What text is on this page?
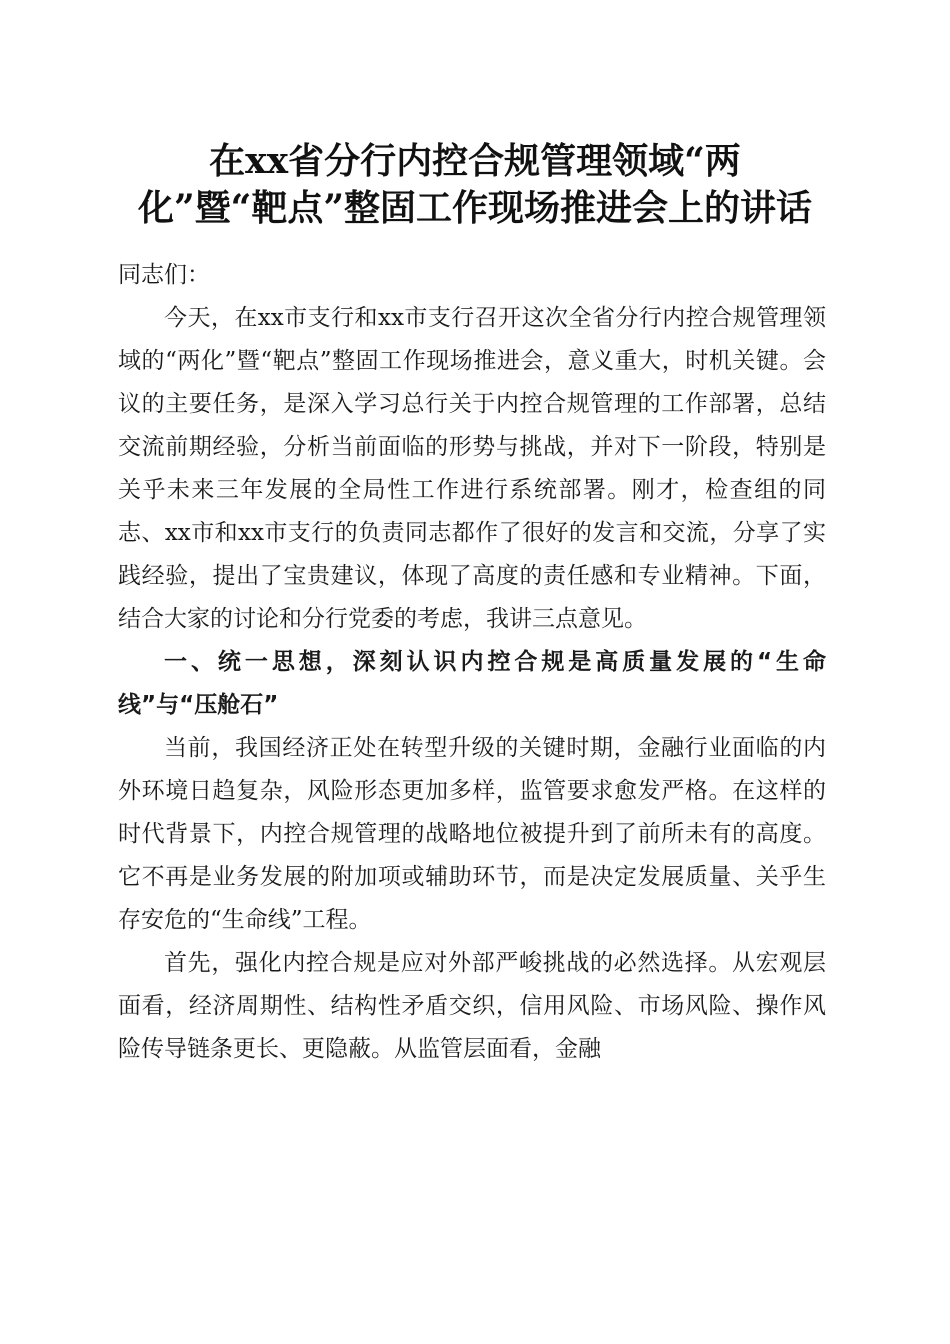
在xx省分行内控合规管理领域“两
化”暨“靶点”整固工作现场推进会上的讲话

同志们：

今天，在xx市支行和xx市支行召开这次全省分行内控合规管理领域的“两化”暨“靶点”整固工作现场推进会，意义重大，时机关键。会议的主要任务，是深入学习总行关于内控合规管理的工作部署，总结交流前期经验，分析当前面临的形势与挑战，并对下一阶段，特别是关乎未来三年发展的全局性工作进行系统部署。刚才，检查组的同志、xx市和xx市支行的负责同志都作了很好的发言和交流，分享了实践经验，提出了宝贵建议，体现了高度的责任感和专业精神。下面，结合大家的讨论和分行党委的考虑，我讲三点意见。

一、统一思想，深刻认识内控合规是高质量发展的“生命线”与“压舱石”

当前，我国经济正处在转型升级的关键时期，金融行业面临的内外环境日趋复杂，风险形态更加多样，监管要求愈发严格。在这样的时代背景下，内控合规管理的战略地位被提升到了前所未有的高度。它不再是业务发展的附加项或辅助环节，而是决定发展质量、关乎生存安危的“生命线”工程。

首先，强化内控合规是应对外部严峻挑战的必然选择。从宏观层面看，经济周期性、结构性矛盾交织，信用风险、市场风险、操作风险传导链条更长、更隐蔽。从监管层面看，金融
